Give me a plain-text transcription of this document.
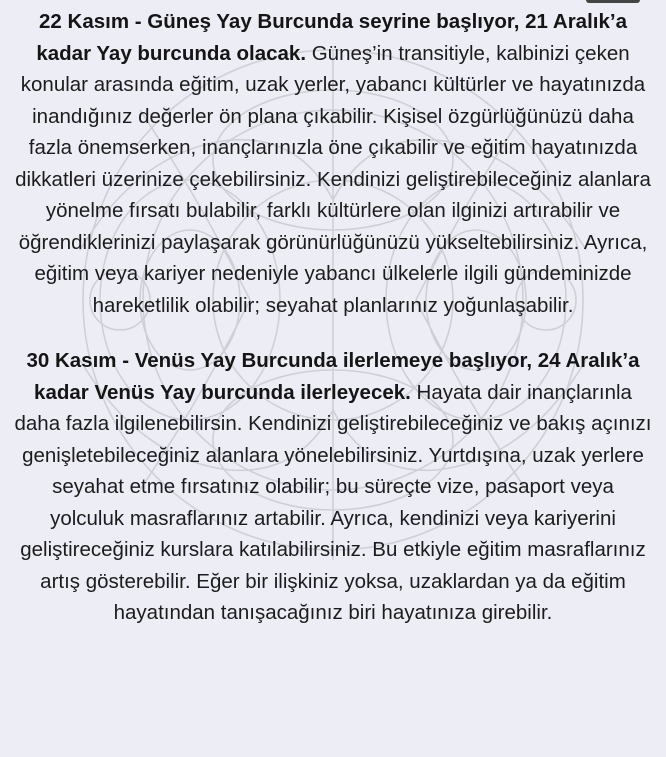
22 Kasım - Güneş Yay Burcunda seyrine başlıyor, 21 Aralık’a kadar Yay burcunda olacak. Güneş’in transitiyle, kalbinizi çeken konular arasında eğitim, uzak yerler, yabancı kültürler ve hayatınızda inandığınız değerler ön plana çıkabilir. Kişisel özgürlüğünüzü daha fazla önemserken, inançlarınızla öne çıkabilir ve eğitim hayatınızda dikkatleri üzerinize çekebilirsiniz. Kendinizi geliştirebileceğiniz alanlara yönelme fırsatı bulabilir, farklı kültürlere olan ilginizi artırabilir ve öğrendiklerinizi paylaşarak görünürlüğünüzü yükseltebilirsiniz. Ayrıca, eğitim veya kariyer nedeniyle yabancı ülkelerle ilgili gündeminizde hareketlilik olabilir; seyahat planlarınız yoğunlaşabilir.

30 Kasım - Venüs Yay Burcunda ilerlemeye başlıyor, 24 Aralık’a kadar Venüs Yay burcunda ilerleyecek. Hayata dair inançlarınla daha fazla ilgilenebilirsin. Kendinizi geliştirebileceğiniz ve bakış açınızı genişletebileceğiniz alanlara yönelebilirsiniz. Yurtdışına, uzak yerlere seyahat etme fırsatınız olabilir; bu süreçte vize, pasaport veya yolculuk masraflarınız artabilir. Ayrıca, kendinizi veya kariyerini geliştireceğiniz kurslara katılabilirsiniz. Bu etkiyle eğitim masraflarınız artış gösterebilir. Eğer bir ilişkiniz yoksa, uzaklardan ya da eğitim hayatından tanışacağınız biri hayatınıza girebilir.
